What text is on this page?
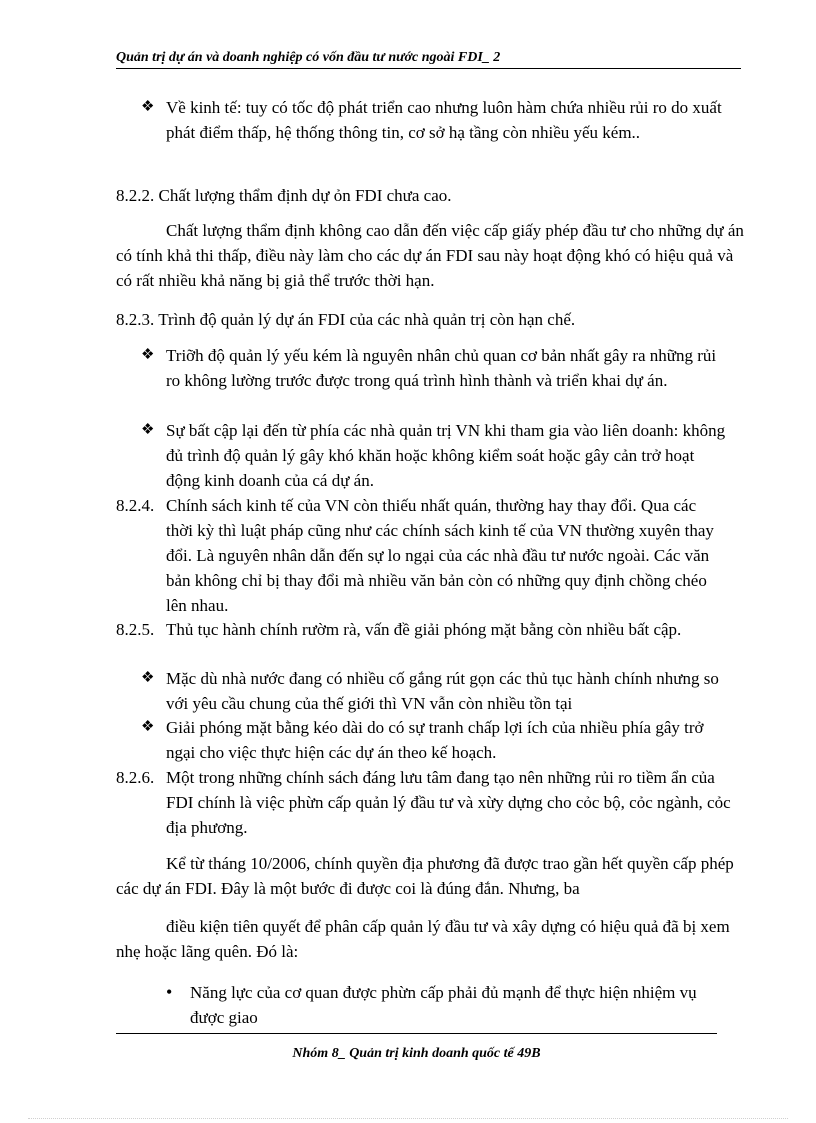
Quản trị dự án và doanh nghiệp có vốn đầu tư nước ngoài FDI_ 2
❖ Về kinh tế: tuy có tốc độ phát triển cao nhưng luôn hàm chứa nhiều rủi ro do xuất phát điểm thấp, hệ thống thông tin, cơ sở hạ tầng còn nhiều yếu kém..

8.2.2. Chất lượng thẩm định dự ỏn FDI chưa cao.

Chất lượng thẩm định không cao dẫn đến việc cấp giấy phép đầu tư cho những dự án có tính khả thi thấp, điều này làm cho các dự án FDI sau này hoạt động khó có hiệu quả và có rất nhiều khả năng bị giả thể trước thời hạn.

8.2.3. Trình độ quản lý dự án FDI của các nhà quản trị còn hạn chế.

❖ Triỡh độ quản lý yếu kém là nguyên nhân chủ quan cơ bản nhất gây ra những rủi ro không lường trước được trong quá trình hình thành và triển khai dự án.

❖ Sự bất cập lại đến từ phía các nhà quản trị VN khi tham gia vào liên doanh: không đủ trình độ quản lý gây khó khăn hoặc không kiểm soát hoặc gây cản trở hoạt động kinh doanh của cá dự án.

8.2.4. Chính sách kinh tế của VN còn thiếu nhất quán, thường hay thay đổi. Qua các thời kỳ thì luật pháp cũng như các chính sách kinh tế của VN thường xuyên thay đổi. Là nguyên nhân dẫn đến sự lo ngại của các nhà đầu tư nước ngoài. Các văn bản không chỉ bị thay đổi mà nhiều văn bản còn có những quy định chồng chéo lên nhau.

8.2.5. Thủ tục hành chính rườm rà, vấn đề giải phóng mặt bằng còn nhiều bất cập.

❖ Mặc dù nhà nước đang có nhiều cố gắng rút gọn các thủ tục hành chính nhưng so với yêu cầu chung của thế giới thì VN vẫn còn nhiều tồn tại

❖ Giải phóng mặt bằng kéo dài do có sự tranh chấp lợi ích của nhiều phía gây trở ngại cho việc thực hiện các dự án theo kế hoạch.

8.2.6. Một trong những chính sách đáng lưu tâm đang tạo nên những rủi ro tiềm ẩn của FDI chính là việc phừn cấp quản lý đầu tư và xừy dựng cho cỏc bộ, cỏc ngành, cỏc địa phương.

Kể từ tháng 10/2006, chính quyền địa phương đã được trao gần hết quyền cấp phép các dự án FDI. Đây là một bước đi được coi là đúng đắn. Nhưng, ba

điều kiện tiên quyết để phân cấp quản lý đầu tư và xây dựng có hiệu quả đã bị xem nhẹ hoặc lãng quên. Đó là:

• Năng lực của cơ quan được phừn cấp phải đủ mạnh để thực hiện nhiệm vụ được giao

Nhóm 8_ Quản trị kinh doanh quốc tế 49B
